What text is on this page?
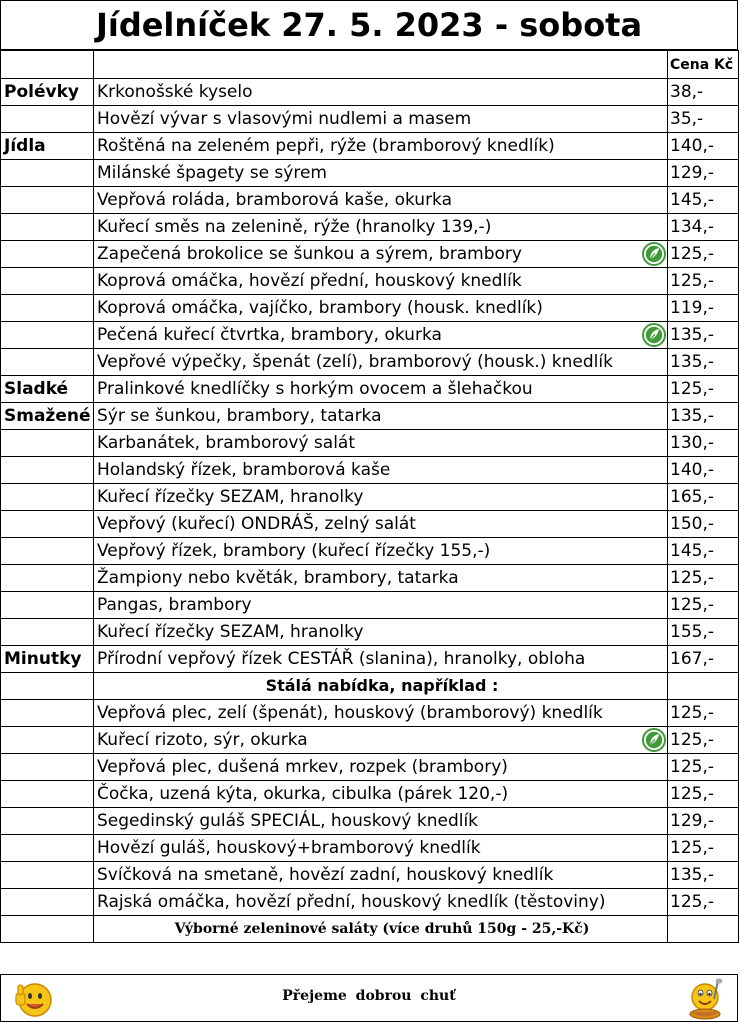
Jídelníček 27. 5. 2023 - sobota
		Cena Kč
Polévky	Krkonošské kyselo	38,-
	Hovězí vývar s vlasovými nudlemi a masem	35,-
Jídla	Roštěná na zeleném pepři, rýže (bramborový knedlík)	140,-
	Milánské špagety se sýrem	129,-
	Vepřová roláda, bramborová kaše, okurka	145,-
	Kuřecí směs na zelenině, rýže (hranolky 139,-)	134,-
	Zapečená brokolice se šunkou a sýrem, brambory	125,-
	Koprová omáčka, hovězí přední, houskový knedlík	125,-
	Koprová omáčka, vajíčko, brambory (housk. knedlík)	119,-
	Pečená kuřecí čtvrtka, brambory, okurka	135,-
	Vepřové výpečky, špenát (zelí), bramborový (housk.) knedlík	135,-
Sladké	Pralinkové knedlíčky s horkým ovocem a šlehačkou	125,-
Smažené	Sýr se šunkou, brambory, tatarka	135,-
	Karbanátek, bramborový salát	130,-
	Holandský řízek, bramborová kaše	140,-
	Kuřecí řízečky SEZAM, hranolky	165,-
	Vepřový (kuřecí) ONDRÁŠ, zelný salát	150,-
	Vepřový řízek, brambory (kuřecí řízečky 155,-)	145,-
	Žampiony nebo květák, brambory, tatarka	125,-
	Pangas, brambory	125,-
	Kuřecí řízečky SEZAM, hranolky	155,-
Minutky	Přírodní vepřový řízek CESTÁŘ (slanina), hranolky, obloha	167,-
	Stálá nabídka, například :	
	Vepřová plec, zelí (špenát), houskový (bramborový) knedlík	125,-
	Kuřecí rizoto, sýr, okurka	125,-
	Vepřová plec, dušená mrkev, rozpek (brambory)	125,-
	Čočka, uzená kýta, okurka, cibulka (párek 120,-)	125,-
	Segedinský guláš SPECIÁL, houskový knedlík	129,-
	Hovězí guláš, houskový+bramborový knedlík	125,-
	Svíčková na smetaně, hovězí zadní, houskový knedlík	135,-
	Rajská omáčka, hovězí přední, houskový knedlík (těstoviny)	125,-
	Výborné zeleninové saláty (více druhů 150g - 25,-Kč)	
Přejeme dobrou chuť
